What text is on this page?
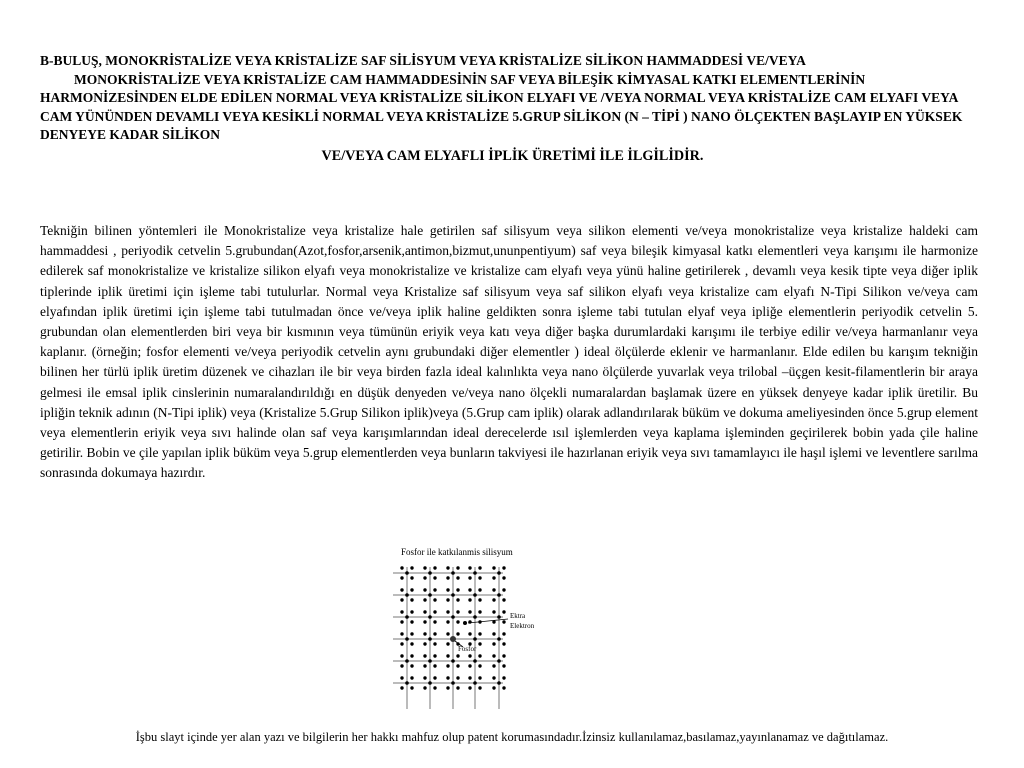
B-BULUŞ, MONOKRİSTALİZE VEYA KRİSTALİZE SAF SİLİSYUM VEYA KRİSTALİZE SİLİKON HAMMADDESİ VE/VEYA

MONOKRİSTALİZE VEYA KRİSTALİZE CAM HAMMADDESİNİN SAF VEYA BİLEŞİK KİMYASAL KATKI ELEMENTLERİNİN HARMONİZESİNDEN ELDE EDİLEN NORMAL VEYA KRİSTALİZE SİLİKON ELYAFI VE /VEYA NORMAL VEYA KRİSTALİZE CAM ELYAFI VEYA CAM YÜNÜNDEN DEVAMLI VEYA KESİKLİ NORMAL VEYA KRİSTALİZE 5.GRUP SİLİKON (N – TİPİ ) NANO ÖLÇEKTEN BAŞLAYIP EN YÜKSEK DENYEYE KADAR SİLİKON

VE/VEYA CAM ELYAFLI İPLİK ÜRETİMİ İLE İLGİLİDİR.

Tekniğin bilinen yöntemleri ile Monokristalize veya kristalize hale getirilen saf silisyum veya silikon elementi ve/veya monokristalize veya kristalize haldeki cam hammaddesi , periyodik cetvelin 5.grubundan(Azot,fosfor,arsenik,antimon,bizmut,ununpentiyum) saf veya bileşik kimyasal katkı elementleri veya karışımı ile harmonize edilerek saf monokristalize ve kristalize silikon elyafı veya monokristalize ve kristalize cam elyafı veya yünü haline getirilerek , devamlı veya kesik tipte veya diğer iplik tiplerinde iplik üretimi için işleme tabi tutulurlar. Normal veya Kristalize saf silisyum veya saf silikon elyafı veya kristalize cam elyafı N-Tipi Silikon ve/veya cam elyafından iplik üretimi için işleme tabi tutulmadan önce ve/veya iplik haline geldikten sonra işleme tabi tutulan elyaf veya ipliğe elementlerin periyodik cetvelin 5. grubundan olan elementlerden biri veya bir kısmının veya tümünün eriyik veya katı veya diğer başka durumlardaki karışımı ile terbiye edilir ve/veya harmanlanır veya kaplanır. (örneğin; fosfor elementi ve/veya periyodik cetvelin aynı grubundaki diğer elementler ) ideal ölçülerde eklenir ve harmanlanır. Elde edilen bu karışım tekniğin bilinen her türlü iplik üretim düzenek ve cihazları ile bir veya birden fazla ideal kalınlıkta veya nano ölçülerde yuvarlak veya trilobal –üçgen kesit-filamentlerin bir araya gelmesi ile emsal iplik cinslerinin numaralandırıldığı en düşük denyeden ve/veya nano ölçekli numaralardan başlamak üzere en yüksek denyeye kadar iplik üretilir. Bu ipliğin teknik adının (N-Tipi iplik) veya (Kristalize 5.Grup Silikon iplik)veya (5.Grup cam iplik) olarak adlandırılarak büküm ve dokuma ameliyesinden önce 5.grup element veya elementlerin eriyik veya sıvı halinde olan saf veya karışımlarından ideal derecelerde ısıl işlemlerden veya kaplama işleminden geçirilerek bobin yada çile haline getirilir. Bobin ve çile yapılan iplik büküm veya 5.grup elementlerden veya bunların takviyesi ile hazırlanan eriyik veya sıvı tamamlayıcı ile haşıl işlemi ve leventlere sarılma sonrasında dokumaya hazırdır.

Fosfor ile katkılanmis silisyum
Ektra
Elektron
Fosfor

İşbu slayt içinde yer alan yazı ve bilgilerin her hakkı mahfuz olup patent korumasındadır.İzinsiz kullanılamaz,basılamaz,yayınlanamaz ve dağıtılamaz.
